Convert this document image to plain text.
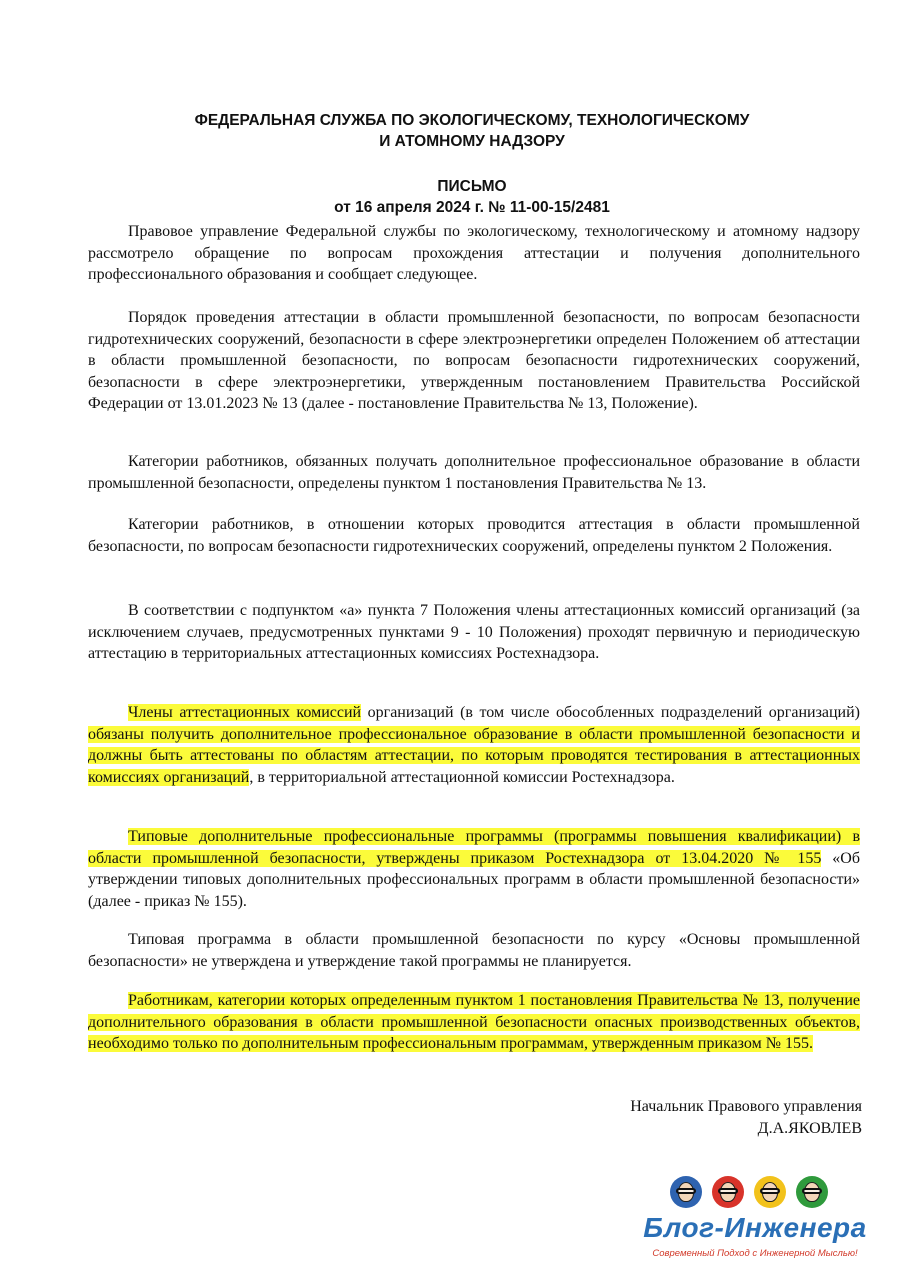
ФЕДЕРАЛЬНАЯ СЛУЖБА ПО ЭКОЛОГИЧЕСКОМУ, ТЕХНОЛОГИЧЕСКОМУ
И АТОМНОМУ НАДЗОРУ
ПИСЬМО
от 16 апреля 2024 г. № 11-00-15/2481

Правовое управление Федеральной службы по экологическому, технологическому и атомному надзору рассмотрело обращение по вопросам прохождения аттестации и получения дополнительного профессионального образования и сообщает следующее.

Порядок проведения аттестации в области промышленной безопасности, по вопросам безопасности гидротехнических сооружений, безопасности в сфере электроэнергетики определен Положением об аттестации в области промышленной безопасности, по вопросам безопасности гидротехнических сооружений, безопасности в сфере электроэнергетики, утвержденным постановлением Правительства Российской Федерации от 13.01.2023 № 13 (далее - постановление Правительства № 13, Положение).

Категории работников, обязанных получать дополнительное профессиональное образование в области промышленной безопасности, определены пунктом 1 постановления Правительства № 13.

Категории работников, в отношении которых проводится аттестация в области промышленной безопасности, по вопросам безопасности гидротехнических сооружений, определены пунктом 2 Положения.

В соответствии с подпунктом «а» пункта 7 Положения члены аттестационных комиссий организаций (за исключением случаев, предусмотренных пунктами 9 - 10 Положения) проходят первичную и периодическую аттестацию в территориальных аттестационных комиссиях Ростехнадзора.

Члены аттестационных комиссий организаций (в том числе обособленных подразделений организаций) обязаны получить дополнительное профессиональное образование в области промышленной безопасности и должны быть аттестованы по областям аттестации, по которым проводятся тестирования в аттестационных комиссиях организаций, в территориальной аттестационной комиссии Ростехнадзора.

Типовые дополнительные профессиональные программы (программы повышения квалификации) в области промышленной безопасности, утверждены приказом Ростехнадзора от 13.04.2020 № 155 «Об утверждении типовых дополнительных профессиональных программ в области промышленной безопасности» (далее - приказ № 155).

Типовая программа в области промышленной безопасности по курсу «Основы промышленной безопасности» не утверждена и утверждение такой программы не планируется.

Работникам, категории которых определенным пунктом 1 постановления Правительства № 13, получение дополнительного образования в области промышленной безопасности опасных производственных объектов, необходимо только по дополнительным профессиональным программам, утвержденным приказом № 155.

Начальник Правового управления
Д.А.ЯКОВЛЕВ
Блог-Инженера
Современный Подход с Инженерной Мыслью!
